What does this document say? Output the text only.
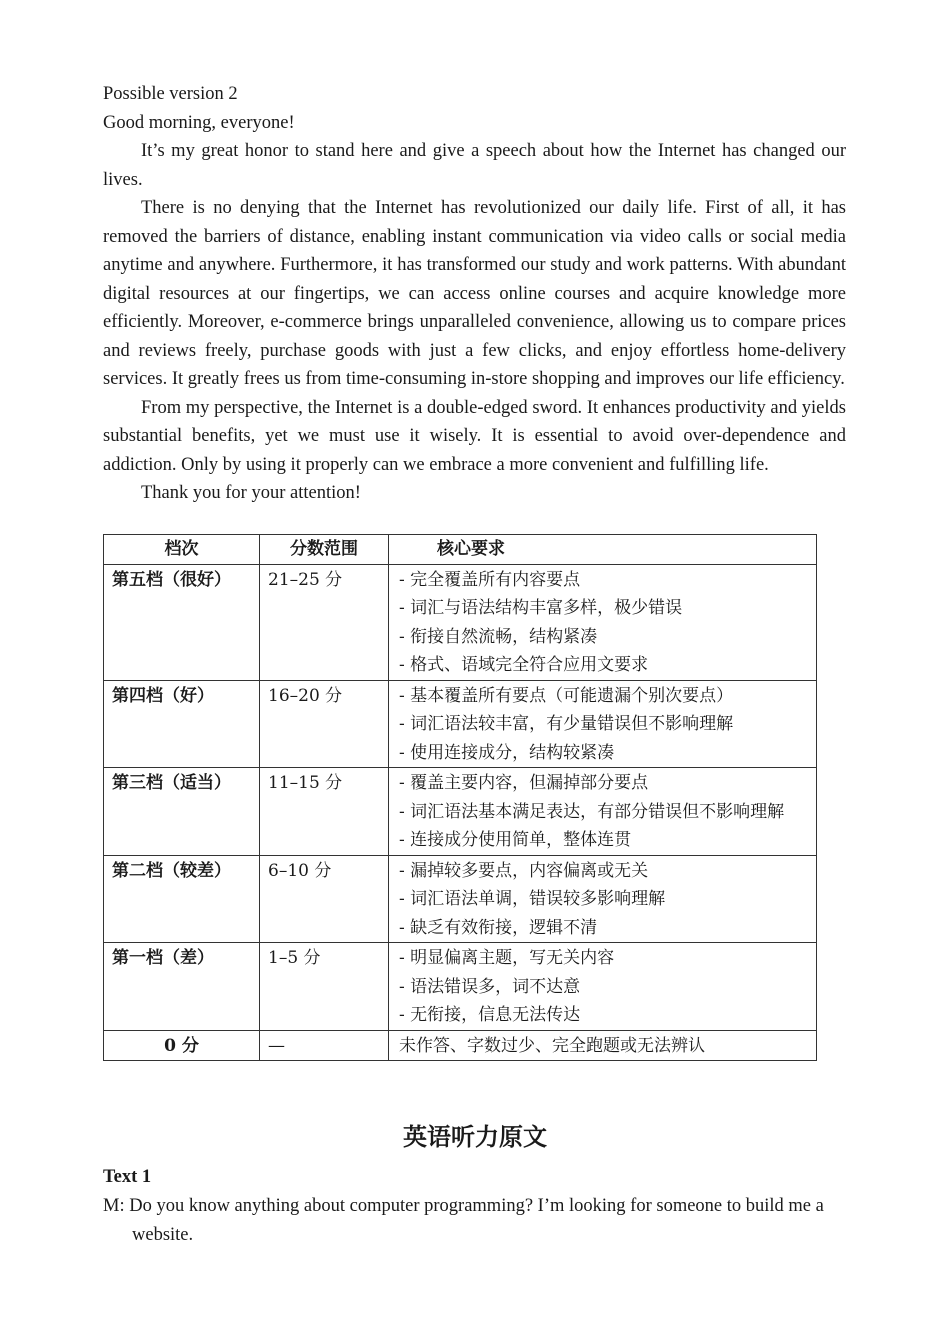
Possible version 2

Good morning, everyone!

It’s my great honor to stand here and give a speech about how the Internet has changed our lives.

There is no denying that the Internet has revolutionized our daily life. First of all, it has removed the barriers of distance, enabling instant communication via video calls or social media anytime and anywhere. Furthermore, it has transformed our study and work patterns. With abundant digital resources at our fingertips, we can access online courses and acquire knowledge more efficiently. Moreover, e-commerce brings unparalleled convenience, allowing us to compare prices and reviews freely, purchase goods with just a few clicks, and enjoy effortless home-delivery services. It greatly frees us from time-consuming in-store shopping and improves our life efficiency.

From my perspective, the Internet is a double-edged sword. It enhances productivity and yields substantial benefits, yet we must use it wisely. It is essential to avoid over-dependence and addiction. Only by using it properly can we embrace a more convenient and fulfilling life.

Thank you for your attention!

档次	分数范围	核心要求
第五档（很好）	21–25 分	- 完全覆盖所有内容要点
- 词汇与语法结构丰富多样，极少错误
- 衔接自然流畅，结构紧凑
- 格式、语域完全符合应用文要求

第四档（好）	16–20 分	- 基本覆盖所有要点（可能遗漏个别次要点）
- 词汇语法较丰富，有少量错误但不影响理解
- 使用连接成分，结构较紧凑

第三档（适当）	11–15 分	- 覆盖主要内容，但漏掉部分要点
- 词汇语法基本满足表达，有部分错误但不影响理解
- 连接成分使用简单，整体连贯

第二档（较差）	6–10 分	- 漏掉较多要点，内容偏离或无关
- 词汇语法单调，错误较多影响理解
- 缺乏有效衔接，逻辑不清

第一档（差）	1–5 分	- 明显偏离主题，写无关内容
- 语法错误多，词不达意
- 无衔接，信息无法传达

0 分	—	未作答、字数过少、完全跑题或无法辨认
英语听力原文

Text 1

M: Do you know anything about computer programming? I’m looking for someone to build me a website.
